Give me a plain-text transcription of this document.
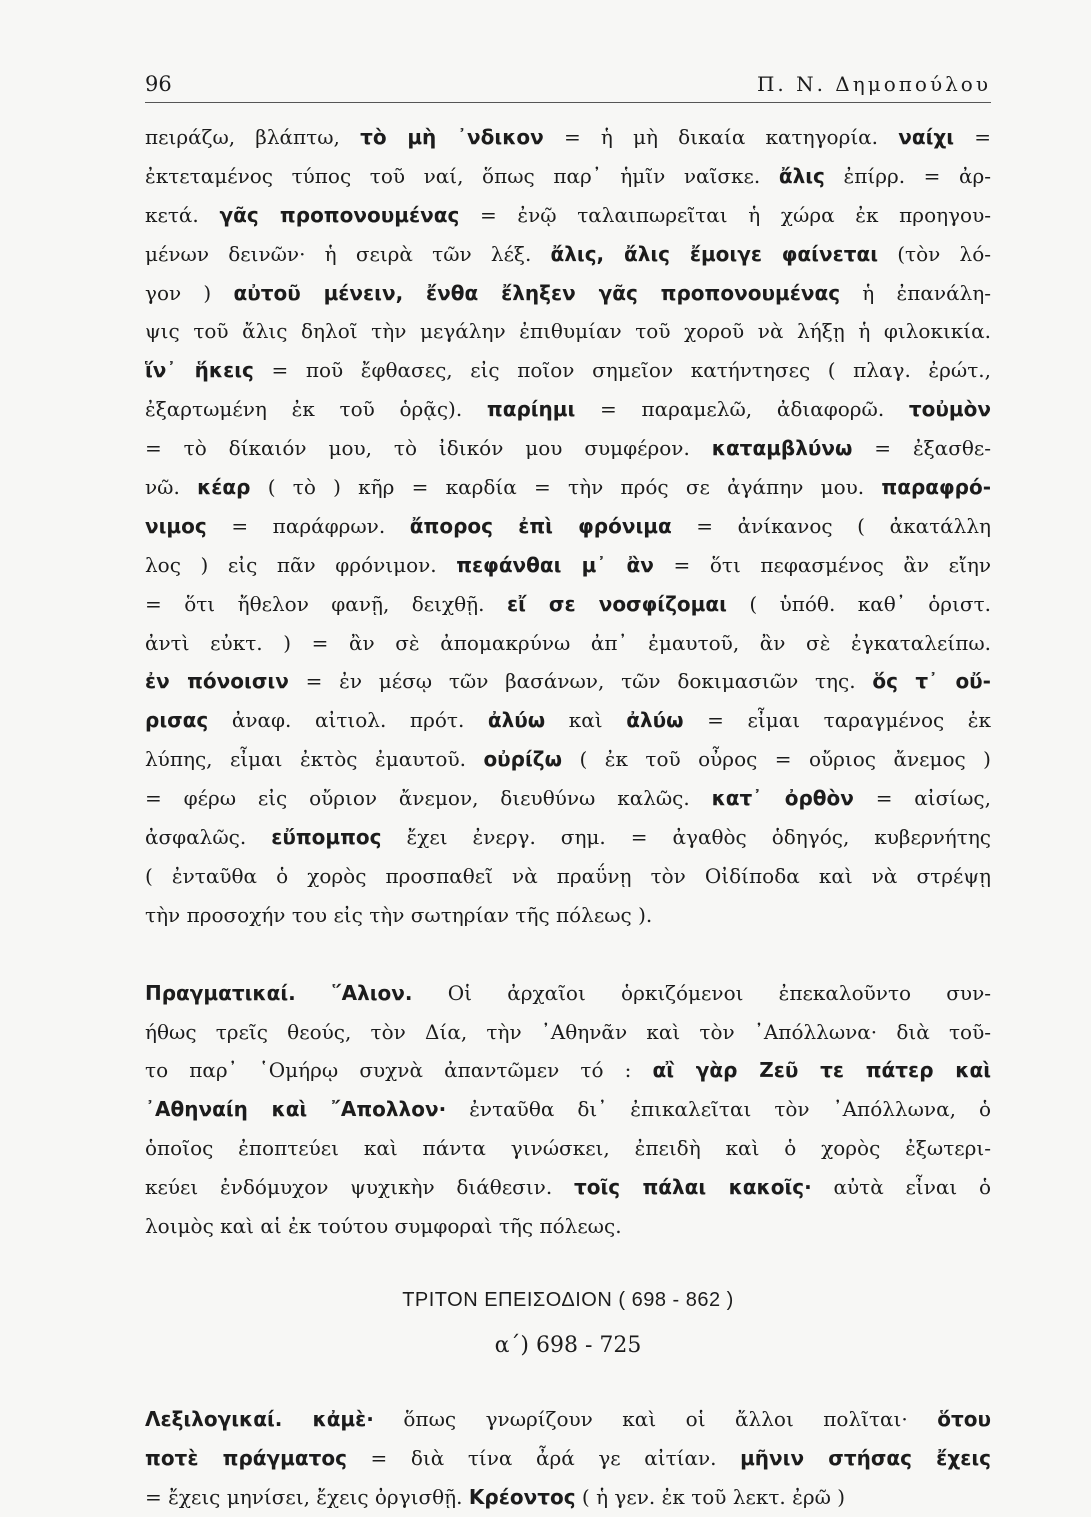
96	Π. Ν. Δημοπούλου
πειράζω, βλάπτω, τὸ μὴ ᾿νδικον = ἡ μὴ δικαία κατηγορία. ναίχι =
ἐκτεταμένος τύπος τοῦ ναί, ὅπως παρ᾿ ἡμῖν ναῖσκε. ἄλις ἐπίρρ. = ἀρ-
κετά. γᾶς προπονουμένας = ἐνῷ ταλαιπωρεῖται ἡ χώρα ἐκ προηγου-
μένων δεινῶν· ἡ σειρὰ τῶν λέξ. ἄλις, ἄλις ἔμοιγε φαίνεται (τὸν λό-
γον ) αὐτοῦ μένειν, ἔνθα ἔληξεν γᾶς προπονουμένας ἡ ἐπανάλη-
ψις τοῦ ἄλις δηλοῖ τὴν μεγάλην ἐπιθυμίαν τοῦ χοροῦ νὰ λήξῃ ἡ φιλοκικία.
ἵν᾿ ἥκεις = ποῦ ἔφθασες, εἰς ποῖον σημεῖον κατήντησες ( πλαγ. ἐρώτ.,
ἐξαρτωμένη ἐκ τοῦ ὁρᾷς). παρίημι = παραμελῶ, ἀδιαφορῶ. τοὐμὸν
= τὸ δίκαιόν μου, τὸ ἰδικόν μου συμφέρον. καταμβλύνω = ἐξασθε-
νῶ. κέαρ ( τὸ ) κῆρ = καρδία = τὴν πρός σε ἀγάπην μου. παραφρό-
νιμος = παράφρων. ἄπορος ἐπὶ φρόνιμα = ἀνίκανος ( ἀκατάλλη
λος ) εἰς πᾶν φρόνιμον. πεφάνθαι μ᾿ ἂν = ὅτι πεφασμένος ἂν εἴην
= ὅτι ἤθελον φανῇ, δειχθῇ. εἴ σε νοσφίζομαι ( ὑπόθ. καθ᾿ ὁριστ.
ἀντὶ εὐκτ. ) = ἂν σὲ ἀπομακρύνω ἀπ᾿ ἐμαυτοῦ, ἂν σὲ ἐγκαταλείπω.
ἐν πόνοισιν = ἐν μέσῳ τῶν βασάνων, τῶν δοκιμασιῶν της. ὅς τ᾿ οὔ-
ρισας ἀναφ. αἰτιολ. πρότ. ἀλύω καὶ ἀλύω = εἶμαι ταραγμένος ἐκ
λύπης, εἶμαι ἐκτὸς ἐμαυτοῦ. οὐρίζω ( ἐκ τοῦ οὖρος = οὔριος ἄνεμος )
= φέρω εἰς οὔριον ἄνεμον, διευθύνω καλῶς. κατ᾿ ὀρθὸν = αἰσίως,
ἀσφαλῶς. εὔπομπος ἔχει ἐνεργ. σημ. = ἀγαθὸς ὁδηγός, κυβερνήτης
( ἐνταῦθα ὁ χορὸς προσπαθεῖ νὰ πραΰνῃ τὸν Οἰδίποδα καὶ νὰ στρέψῃ
τὴν προσοχήν του εἰς τὴν σωτηρίαν τῆς πόλεως ).
Πραγματικαί. ῞Αλιον. Οἱ ἀρχαῖοι ὁρκιζόμενοι ἐπεκαλοῦντο συν-
ήθως τρεῖς θεούς, τὸν Δία, τὴν ᾿Αθηνᾶν καὶ τὸν ᾿Απόλλωνα· διὰ τοῦ-
το παρ᾿ ῾Ομήρῳ συχνὰ ἀπαντῶμεν τό : αἲ γὰρ Ζεῦ τε πάτερ καὶ
᾿Αθηναίη καὶ ῎Απολλον· ἐνταῦθα δι᾿ ἐπικαλεῖται τὸν ᾿Απόλλωνα, ὁ
ὁποῖος ἐποπτεύει καὶ πάντα γινώσκει, ἐπειδὴ καὶ ὁ χορὸς ἐξωτερι-
κεύει ἐνδόμυχον ψυχικὴν διάθεσιν. τοῖς πάλαι κακοῖς· αὐτὰ εἶναι ὁ
λοιμὸς καὶ αἱ ἐκ τούτου συμφοραὶ τῆς πόλεως.
ΤΡΙΤΟΝ ΕΠΕΙΣΟΔΙΟΝ ( 698 - 862 )
α΄) 698 - 725
Λεξιλογικαί. κἀμὲ· ὅπως γνωρίζουν καὶ οἱ ἄλλοι πολῖται· ὅτου
ποτὲ πράγματος = διὰ τίνα ἆρά γε αἰτίαν. μῆνιν στήσας ἔχεις
= ἔχεις μηνίσει, ἔχεις ὀργισθῇ. Κρέοντος ( ἡ γεν. ἐκ τοῦ λεκτ. ἐρῶ )
